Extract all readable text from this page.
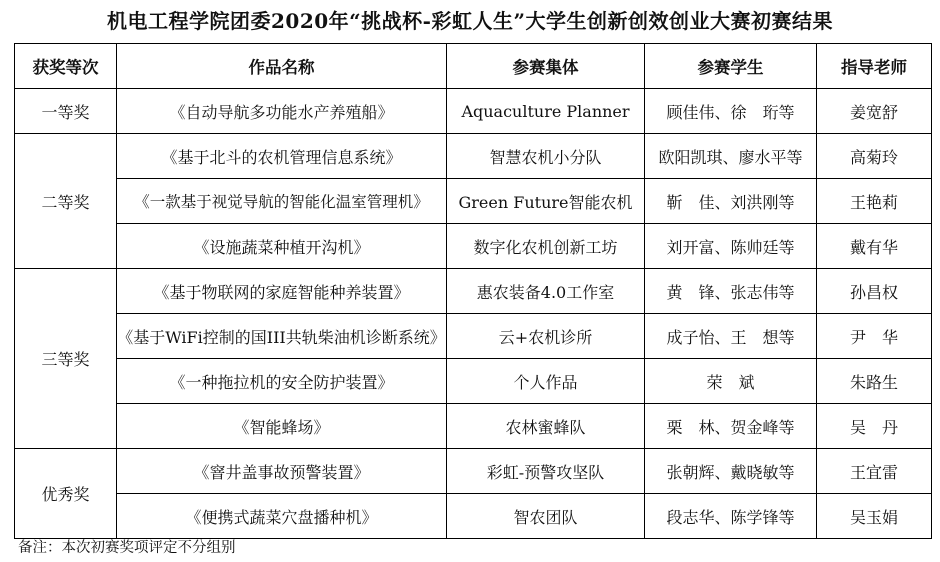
机电工程学院团委2020年“挑战杯-彩虹人生”大学生创新创效创业大赛初赛结果
获奖等次	作品名称	参赛集体	参赛学生	指导老师
一等奖	《自动导航多功能水产养殖船》	Aquaculture Planner	顾佳伟、徐　珩等	姜宽舒
二等奖	《基于北斗的农机管理信息系统》	智慧农机小分队	欧阳凯琪、廖水平等	高菊玲
	《一款基于视觉导航的智能化温室管理机》	Green Future智能农机	靳　佳、刘洪刚等	王艳莉
	《设施蔬菜种植开沟机》	数字化农机创新工坊	刘开富、陈帅廷等	戴有华
三等奖	《基于物联网的家庭智能种养装置》	惠农装备4.0工作室	黄　锋、张志伟等	孙昌权
	《基于WiFi控制的国III共轨柴油机诊断系统》	云+农机诊所	成子怡、王　想等	尹　华
	《一种拖拉机的安全防护装置》	个人作品	荣　斌	朱路生
	《智能蜂场》	农林蜜蜂队	栗　林、贺金峰等	吴　丹
优秀奖	《窨井盖事故预警装置》	彩虹-预警攻坚队	张朝辉、戴晓敏等	王宜雷
	《便携式蔬菜穴盘播种机》	智农团队	段志华、陈学锋等	吴玉娟
备注：本次初赛奖项评定不分组别
